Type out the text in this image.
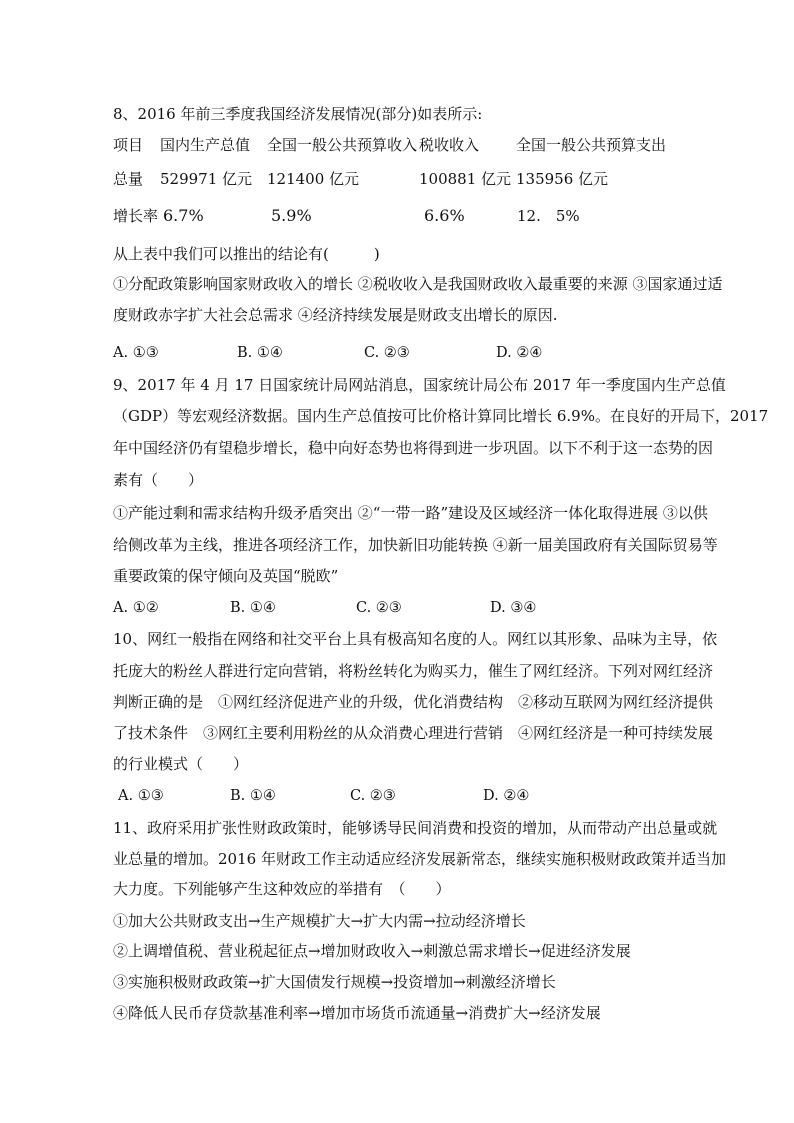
8、2016 年前三季度我国经济发展情况(部分)如表所示:
项目 国内生产总值 全国一般公共预算收入 税收收入 全国一般公共预算支出
总量 529971 亿元 121400 亿元	100881 亿元 135956 亿元
增长率 6.7%	5.9%	6.6%	12.　5%
从上表中我们可以推出的结论有(　　　)
①分配政策影响国家财政收入的增长 ②税收收入是我国财政收入最重要的来源 ③国家通过适
度财政赤字扩大社会总需求 ④经济持续发展是财政支出增长的原因.
A. ①③	B. ①④	C. ②③	D. ②④
9、2017 年 4 月 17 日国家统计局网站消息，国家统计局公布 2017 年一季度国内生产总值
（GDP）等宏观经济数据。国内生产总值按可比价格计算同比增长 6.9%。在良好的开局下，2017
年中国经济仍有望稳步增长，稳中向好态势也将得到进一步巩固。以下不利于这一态势的因
素有（　　）
①产能过剩和需求结构升级矛盾突出 ②“一带一路”建设及区域经济一体化取得进展 ③以供
给侧改革为主线，推进各项经济工作，加快新旧功能转换 ④新一届美国政府有关国际贸易等
重要政策的保守倾向及英国“脱欧”
A. ①②	B. ①④	C. ②③	D. ③④
10、网红一般指在网络和社交平台上具有极高知名度的人。网红以其形象、品味为主导，依
托庞大的粉丝人群进行定向营销，将粉丝转化为购买力，催生了网红经济。下列对网红经济
判断正确的是　①网红经济促进产业的升级，优化消费结构　②移动互联网为网红经济提供
了技术条件　③网红主要利用粉丝的从众消费心理进行营销　④网红经济是一种可持续发展
的行业模式（　　）
A. ①③	B. ①④	C. ②③	D. ②④
11、政府采用扩张性财政政策时，能够诱导民间消费和投资的增加，从而带动产出总量或就
业总量的增加。2016 年财政工作主动适应经济发展新常态，继续实施积极财政政策并适当加
大力度。下列能够产生这种效应的举措有　（　　）
①加大公共财政支出→生产规模扩大→扩大内需→拉动经济增长
②上调增值税、营业税起征点→增加财政收入→刺激总需求增长→促进经济发展
③实施积极财政政策→扩大国债发行规模→投资增加→刺激经济增长
④降低人民币存贷款基准利率→增加市场货币流通量→消费扩大→经济发展
